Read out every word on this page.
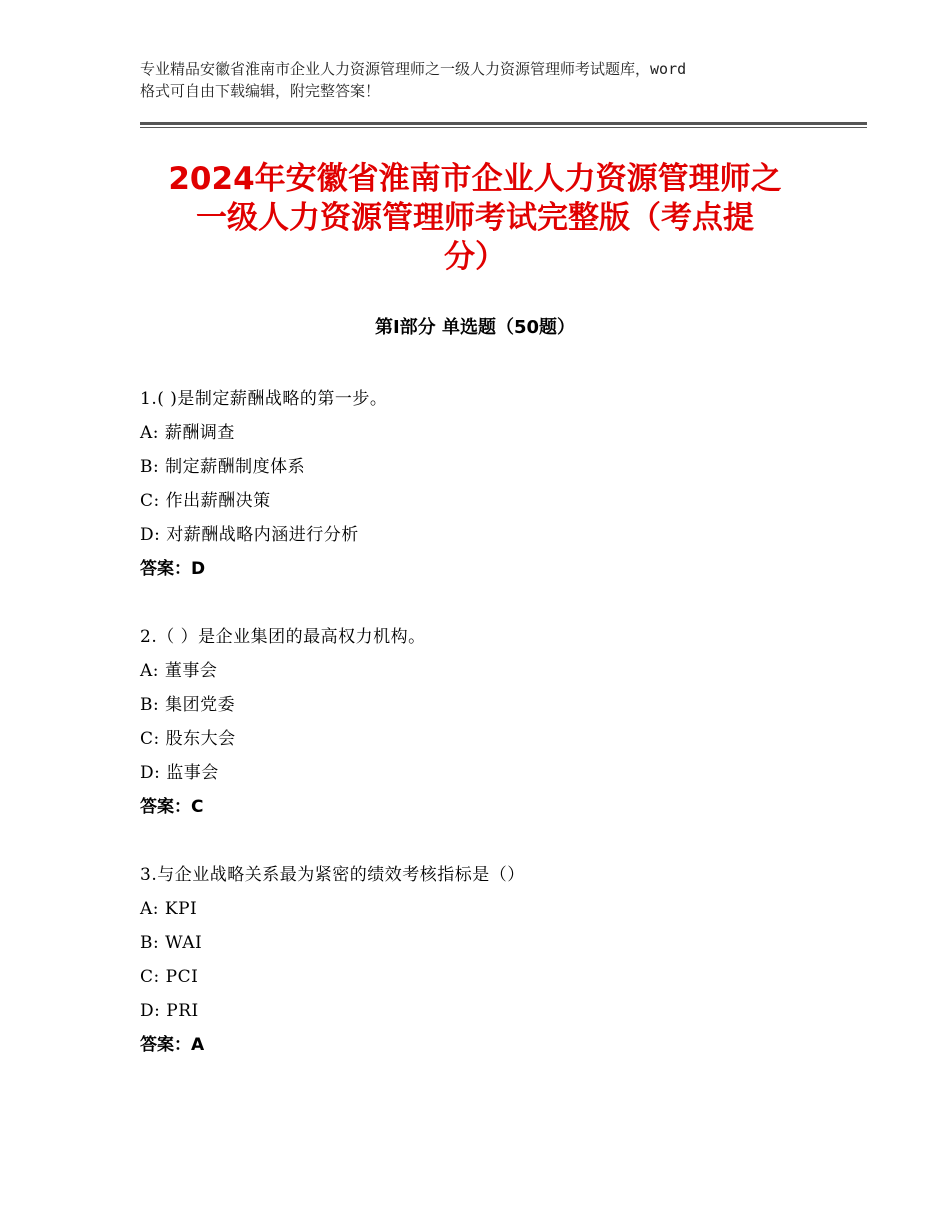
专业精品安徽省淮南市企业人力资源管理师之一级人力资源管理师考试题库，word

格式可自由下载编辑，附完整答案！

2024年安徽省淮南市企业人力资源管理师之
一级人力资源管理师考试完整版（考点提
分）
第Ⅰ部分 单选题（50题）
1.( )是制定薪酬战略的第一步。
A: 薪酬调查
B: 制定薪酬制度体系
C: 作出薪酬决策
D: 对薪酬战略内涵进行分析
答案：D
2.（ ）是企业集团的最高权力机构。
A: 董事会
B: 集团党委
C: 股东大会
D: 监事会
答案：C
3.与企业战略关系最为紧密的绩效考核指标是（）
A: KPI
B: WAI
C: PCI
D: PRI
答案：A
